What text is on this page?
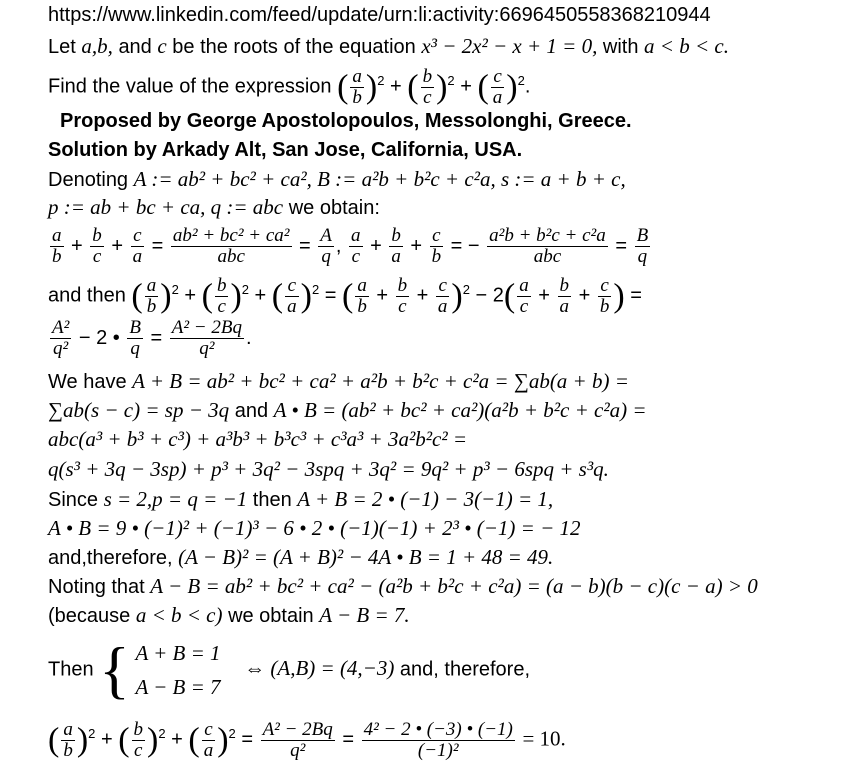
https://www.linkedin.com/feed/update/urn:li:activity:6696450558368210944
Let a,b, and c be the roots of the equation x³ − 2x² − x + 1 = 0, with a < b < c.
Find the value of the expression ( $\frac{a}{b} )^2$ + ( $\frac{b}{c} )^2$ + ( $\frac{c}{a} )^2$.
Proposed by George Apostolopoulos, Messolonghi, Greece.
Solution by Arkady Alt, San Jose, California, USA.
Denoting A := ab² + bc² + ca², B := a²b + b²c + c²a, s := a + b + c,
p := ab + bc + ca, q := abc we obtain:
$\frac{a}{b} + \frac{b}{c} + \frac{c}{a} = \frac{\text{ab² + bc² + ca²}}{\text{abc}} = \frac{A}{q}$ , $\frac{a}{c} + \frac{b}{a} + \frac{c}{b}$ = − $\frac{\text{a²b + b²c + c²a}}{\text{abc}} = \frac{B}{q}$
and then ( $\frac{a}{b} )^2$ + ( $\frac{b}{c} )^2$ + ( $\frac{c}{a} )^2$ = ( $\frac{a}{b} + \frac{b}{c} + \frac{c}{a} )^2 - 2( \frac{a}{c} + \frac{b}{a} + \frac{c}{b}$ ) =
$\frac{\text{A²}}{\text{q²}} - 2$ • $\frac{B}{q} = \frac{\text{A² − 2Bq}}{\text{q²}}$ .
We have A + B = ab² + bc² + ca² + a²b + b²c + c²a = ∑ab(a + b) =
∑ab(s − c) = sp − 3q and A • B = (ab² + bc² + ca²)(a²b + b²c + c²a) =
abc(a³ + b³ + c³) + a³b³ + b³c³ + c³a³ + 3a²b²c² =
q(s³ + 3q − 3sp) + p³ + 3q² − 3spq + 3q² = 9q² + p³ − 6spq + s³q.
Since s = 2,p = q = −1 then A + B = 2 • (−1) − 3(−1) = 1,
A • B = 9 • (−1)² + (−1)³ − 6 • 2 • (−1)(−1) + 2³ • (−1) = − 12
and,therefore, (A − B)² = (A + B)² − 4A • B = 1 + 48 = 49.
Noting that A − B = ab² + bc² + ca² − (a²b + b²c + c²a) = (a − b)(b − c)(c − a) > 0
(because a < b < c) we obtain A − B = 7.
Then { A + B = 1
A − B = 7
⇔ (A,B) = (4,−3) and, therefore,
( $\frac{a}{b} )^2$ + ( $\frac{b}{c} )^2$ + ( $\frac{c}{a} )^2 = \frac{\text{A² − 2Bq}}{\text{q²}} = \frac{\text{4² − 2 • (−3) • (−1)}}{\text{(−1)²}} = 10$.
